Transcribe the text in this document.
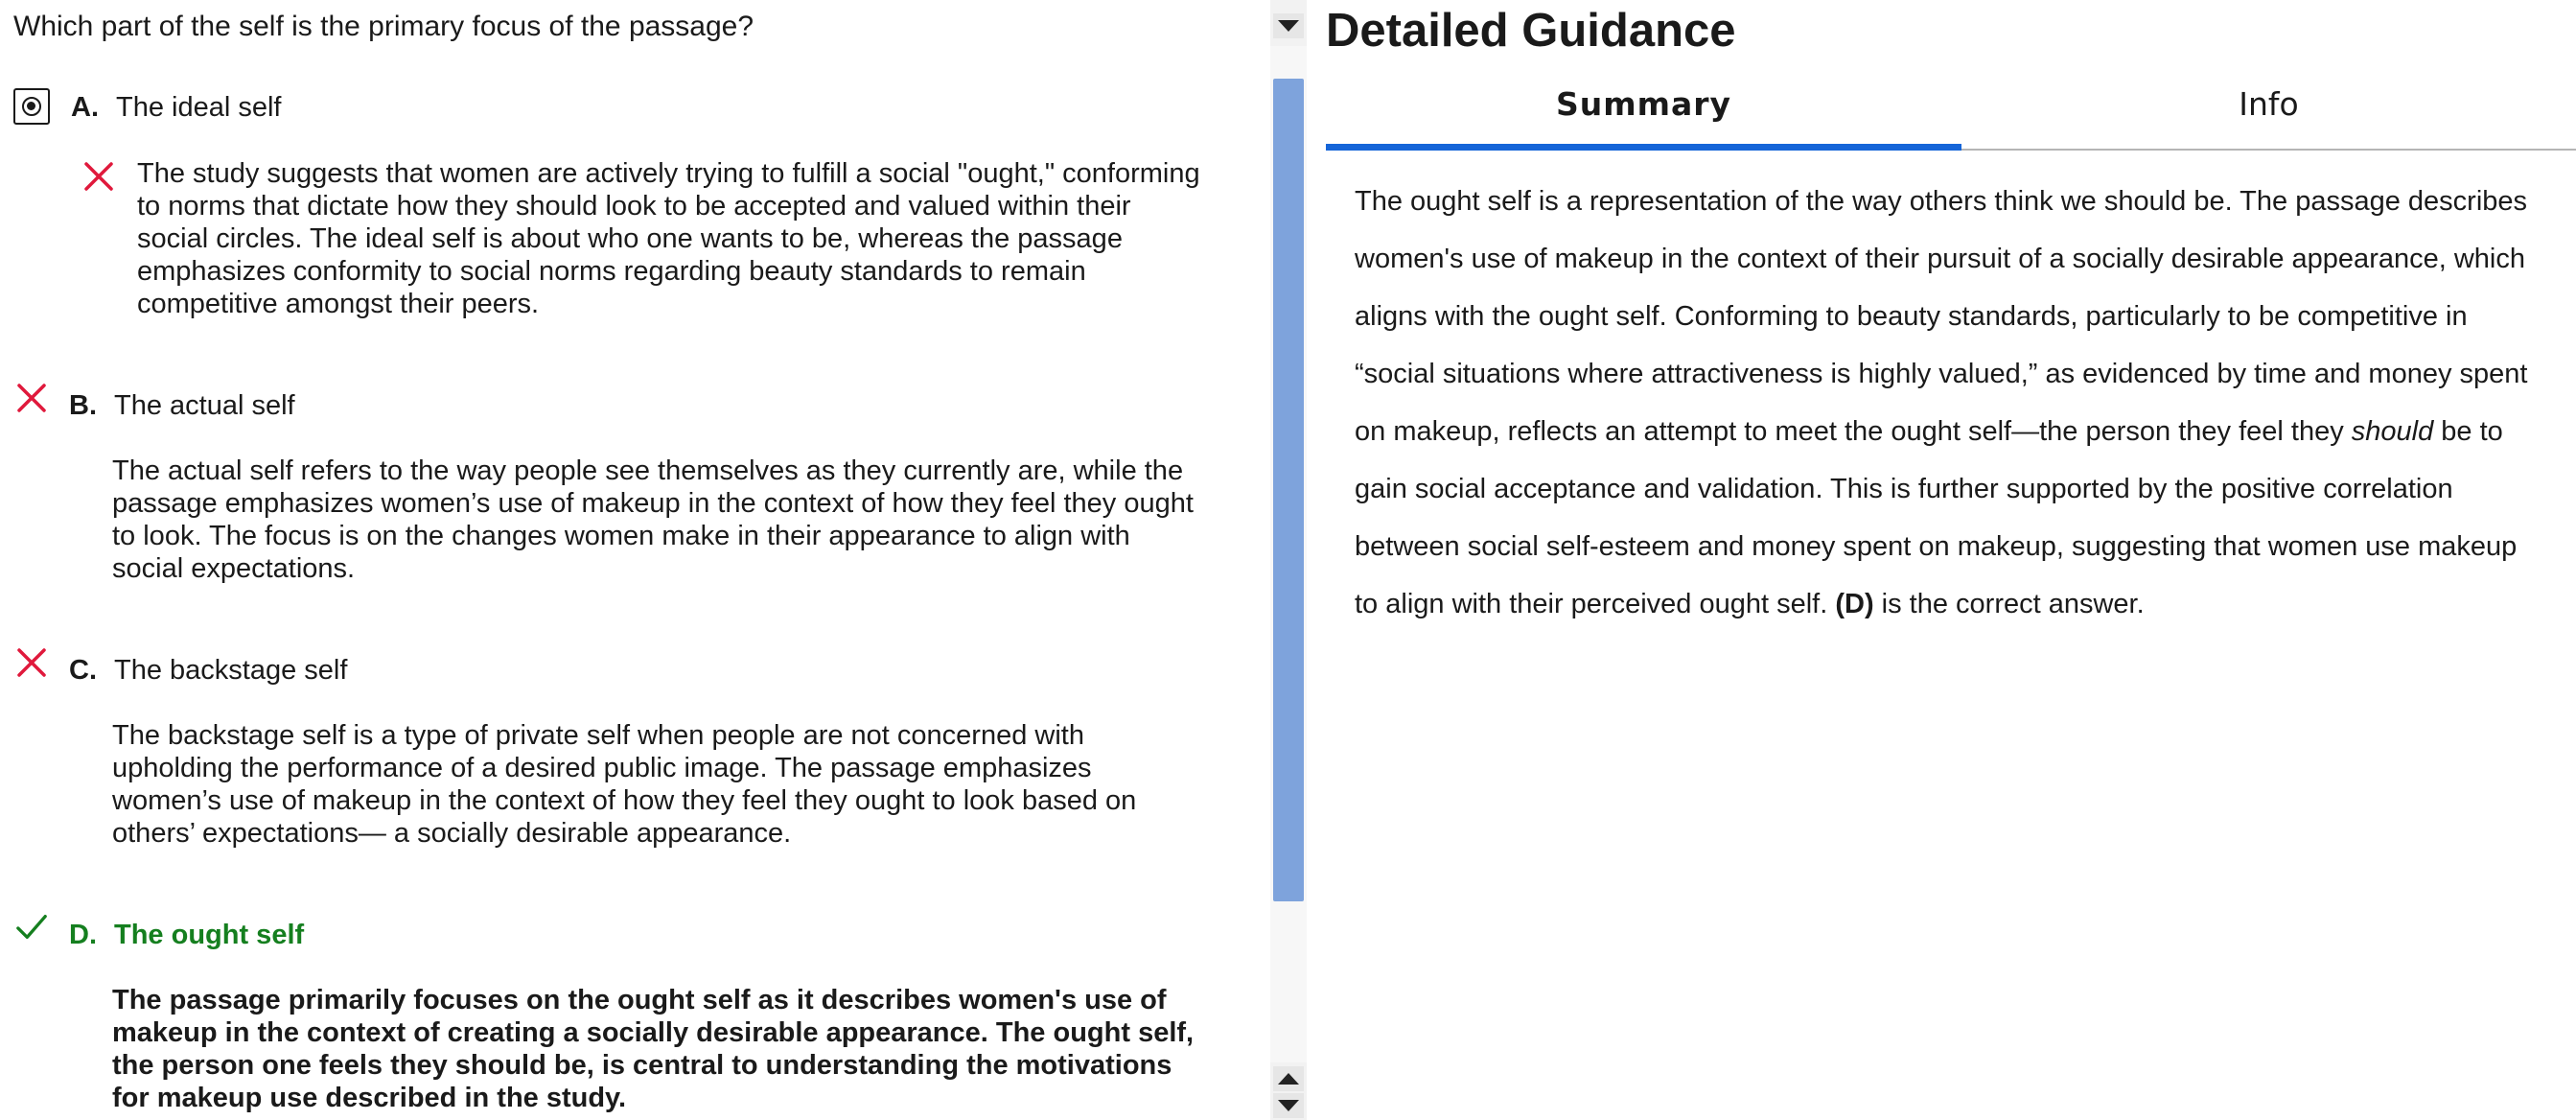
Which part of the self is the primary focus of the passage?
A. The ideal self
The study suggests that women are actively trying to fulfill a social "ought," conforming
to norms that dictate how they should look to be accepted and valued within their
social circles. The ideal self is about who one wants to be, whereas the passage
emphasizes conformity to social norms regarding beauty standards to remain
competitive amongst their peers.
B. The actual self
The actual self refers to the way people see themselves as they currently are, while the
passage emphasizes women’s use of makeup in the context of how they feel they ought
to look. The focus is on the changes women make in their appearance to align with
social expectations.
C. The backstage self
The backstage self is a type of private self when people are not concerned with
upholding the performance of a desired public image. The passage emphasizes
women’s use of makeup in the context of how they feel they ought to look based on
others’ expectations— a socially desirable appearance.
D. The ought self
The passage primarily focuses on the ought self as it describes women's use of
makeup in the context of creating a socially desirable appearance. The ought self,
the person one feels they should be, is central to understanding the motivations
for makeup use described in the study.
Detailed Guidance
Summary	Info
The ought self is a representation of the way others think we should be. The passage describes
women's use of makeup in the context of their pursuit of a socially desirable appearance, which
aligns with the ought self. Conforming to beauty standards, particularly to be competitive in
“social situations where attractiveness is highly valued,” as evidenced by time and money spent
on makeup, reflects an attempt to meet the ought self—the person they feel they should be to
gain social acceptance and validation. This is further supported by the positive correlation
between social self-esteem and money spent on makeup, suggesting that women use makeup
to align with their perceived ought self. (D) is the correct answer.
